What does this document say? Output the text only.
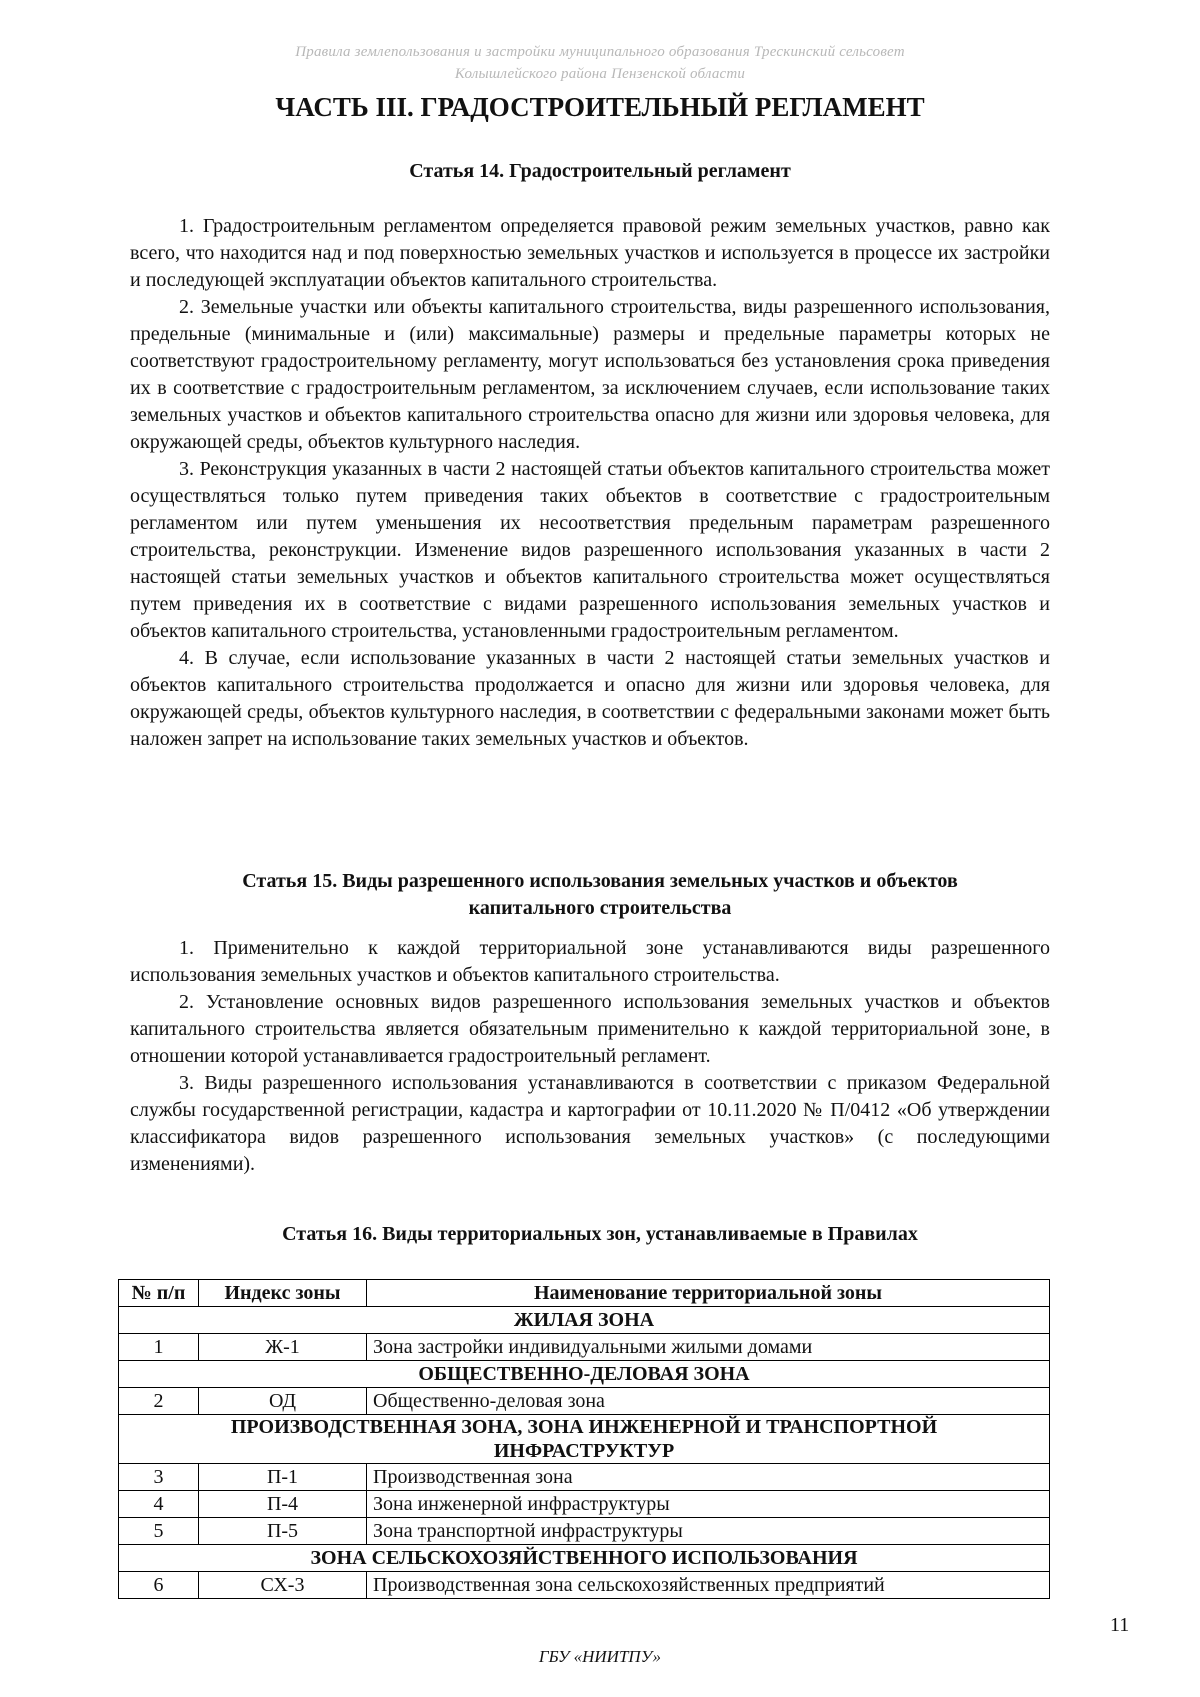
Правила землепользования и застройки муниципального образования Трескинский сельсовет
Колышлейского района Пензенской области
ЧАСТЬ III. ГРАДОСТРОИТЕЛЬНЫЙ РЕГЛАМЕНТ
Статья 14. Градостроительный регламент

1. Градостроительным регламентом определяется правовой режим земельных участков, равно как всего, что находится над и под поверхностью земельных участков и используется в процессе их застройки и последующей эксплуатации объектов капитального строительства.

2. Земельные участки или объекты капитального строительства, виды разрешенного использования, предельные (минимальные и (или) максимальные) размеры и предельные параметры которых не соответствуют градостроительному регламенту, могут использоваться без установления срока приведения их в соответствие с градостроительным регламентом, за исключением случаев, если использование таких земельных участков и объектов капитального строительства опасно для жизни или здоровья человека, для окружающей среды, объектов культурного наследия.

3. Реконструкция указанных в части 2 настоящей статьи объектов капитального строительства может осуществляться только путем приведения таких объектов в соответствие с градостроительным регламентом или путем уменьшения их несоответствия предельным параметрам разрешенного строительства, реконструкции. Изменение видов разрешенного использования указанных в части 2 настоящей статьи земельных участков и объектов капитального строительства может осуществляться путем приведения их в соответствие с видами разрешенного использования земельных участков и объектов капитального строительства, установленными градостроительным регламентом.

4. В случае, если использование указанных в части 2 настоящей статьи земельных участков и объектов капитального строительства продолжается и опасно для жизни или здоровья человека, для окружающей среды, объектов культурного наследия, в соответствии с федеральными законами может быть наложен запрет на использование таких земельных участков и объектов.

Статья 15. Виды разрешенного использования земельных участков и объектов
капитального строительства

1. Применительно к каждой территориальной зоне устанавливаются виды разрешенного использования земельных участков и объектов капитального строительства.

2. Установление основных видов разрешенного использования земельных участков и объектов капитального строительства является обязательным применительно к каждой территориальной зоне, в отношении которой устанавливается градостроительный регламент.

3. Виды разрешенного использования устанавливаются в соответствии с приказом Федеральной службы государственной регистрации, кадастра и картографии от 10.11.2020 № П/0412 «Об утверждении классификатора видов разрешенного использования земельных участков» (с последующими изменениями).

Статья 16. Виды территориальных зон, устанавливаемые в Правилах
№ п/п	Индекс зоны	Наименование территориальной зоны
ЖИЛАЯ ЗОНА		
1	Ж-1	Зона застройки индивидуальными жилыми домами
ОБЩЕСТВЕННО-ДЕЛОВАЯ ЗОНА		
2	ОД	Общественно-деловая зона

ПРОИЗВОДСТВЕННАЯ ЗОНА, ЗОНА ИНЖЕНЕРНОЙ И ТРАНСПОРТНОЙ
ИНФРАСТРУКТУР		

3	П-1	Производственная зона
4	П-4	Зона инженерной инфраструктуры
5	П-5	Зона транспортной инфраструктуры
ЗОНА СЕЛЬСКОХОЗЯЙСТВЕННОГО ИСПОЛЬЗОВАНИЯ		
6	СХ-3	Производственная зона сельскохозяйственных предприятий
11
ГБУ «НИИТПУ»
